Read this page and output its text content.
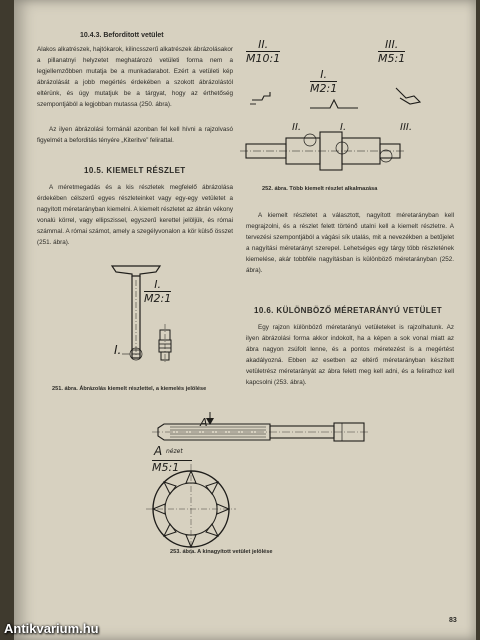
10.4.3. Beforditott vetület
Alakos alkatrészek, hajtókarok, kilincsszerű alkatrészek ábrázolásakor a pillanatnyi helyzetet meghatározó vetületi forma nem a legjellemzőbben mutatja be a munkadarabot. Ezért a vetületi kép ábrázolását a jobb megértés érdekében a szokott ábrázolástól eltérünk, és úgy mutatjuk be a tárgyat, hogy az érthetőség szempontjából a legjobban mutassa (250. ábra).
Az ilyen ábrázolási formánál azonban fel kell hívni a rajzolvasó figyelmét a beforditás tényére „Kiteritve” felirattal.
10.5. KIEMELT RÉSZLET
A méretmegadás és a kis részletek megfelelő ábrázolása érdekében célszerű egyes részleteinket vagy egy-egy vetületet a nagyított méretarányban kiemelni. A kiemelt részletet az ábrán vékony vonalú körrel, vagy ellipszissel, egyszerű kerettel jelöljük, és római számmal. A római számot, amely a szegélyvonalon a kör külső összet (251. ábra).
$\frac{I.}{M2:1}$
I.
251. ábra. Ábrázolás kiemelt részlettel, a kiemelés jelölése
$\frac{II.}{M10:1}$	III.
M5:1
$\frac{I.}{M2:1}$
II.	I.	III.
252. ábra. Több kiemelt részlet alkalmazása
A kiemelt részletet a választott, nagyított méretarányban kell megrajzolni, és a részlet felett történő utalni kell a kiemelt részletre. A tervezési szempontjából a vágási sík utalás, mit a nevezékben a betűjelet a nagyítási méretarányt szerepel. Lehetséges egy tárgy több részletének kiemelése, akár tobbféle nagyításban is különböző méretarányban (252. ábra).
10.6. KÜLÖNBÖZŐ MÉRETARÁNYÚ VETÜLET
Egy rajzon különböző méretarányú vetületeket is rajzolhatunk. Az ilyen ábrázolási forma akkor indokolt, ha a képen a sok vonal miatt az ábra nagyon zsúfolt lenne, és a pontos méretezést is a megértést akadályozná. Ebben az esetben az eltérő méretarányban készített vetületrész méretarányát az ábra felett meg kell adni, és a felirathoz kell kapcsolni (253. ábra).
A
A nézet
M5:1
253. ábra. A kinagyított vetület jelölése
83
Antikvarium.hu
